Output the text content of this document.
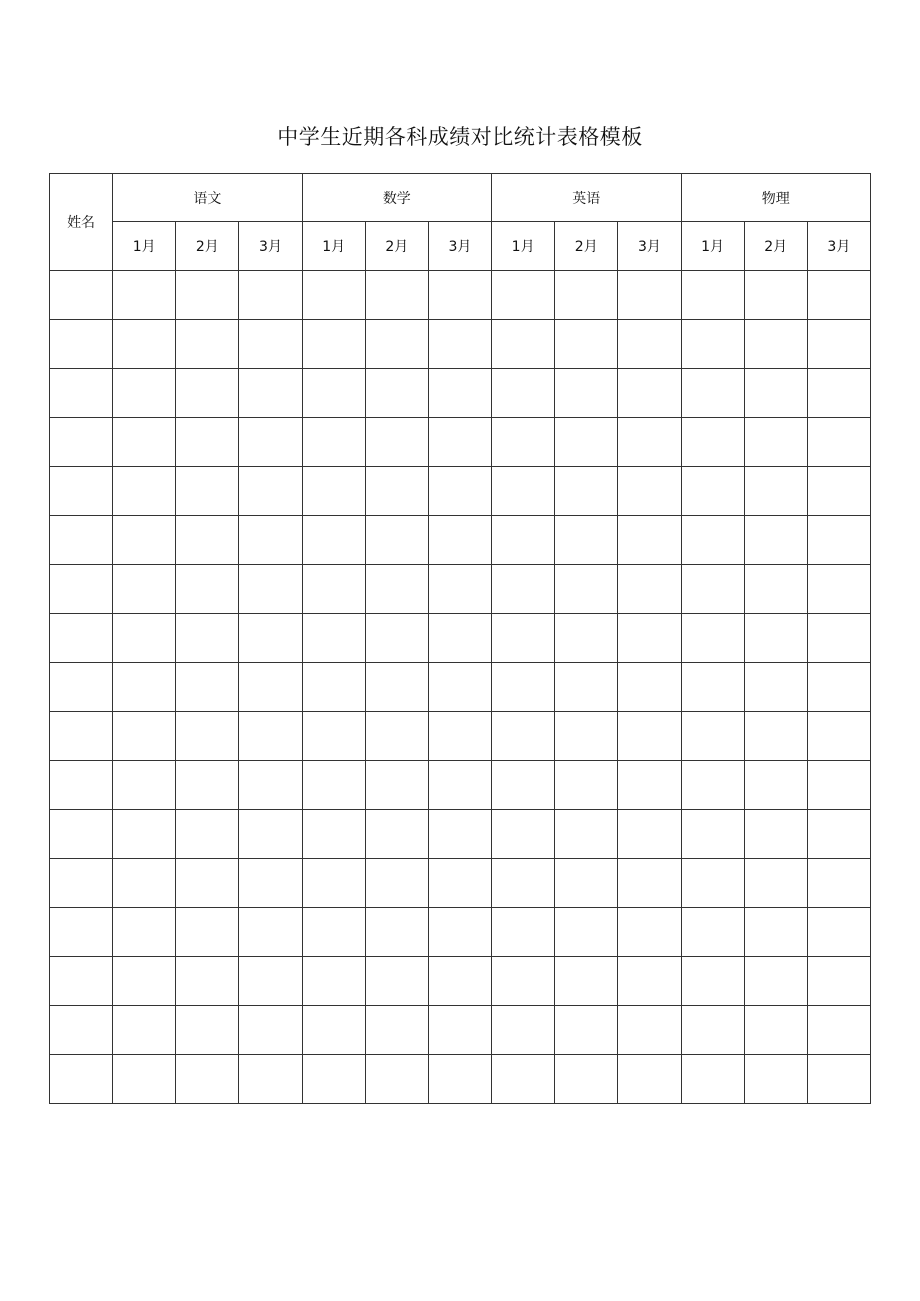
中学生近期各科成绩对比统计表格模板
姓名	语文			数学			英语			物理		
	1月	2月	3月	1月	2月	3月	1月	2月	3月	1月	2月	3月
